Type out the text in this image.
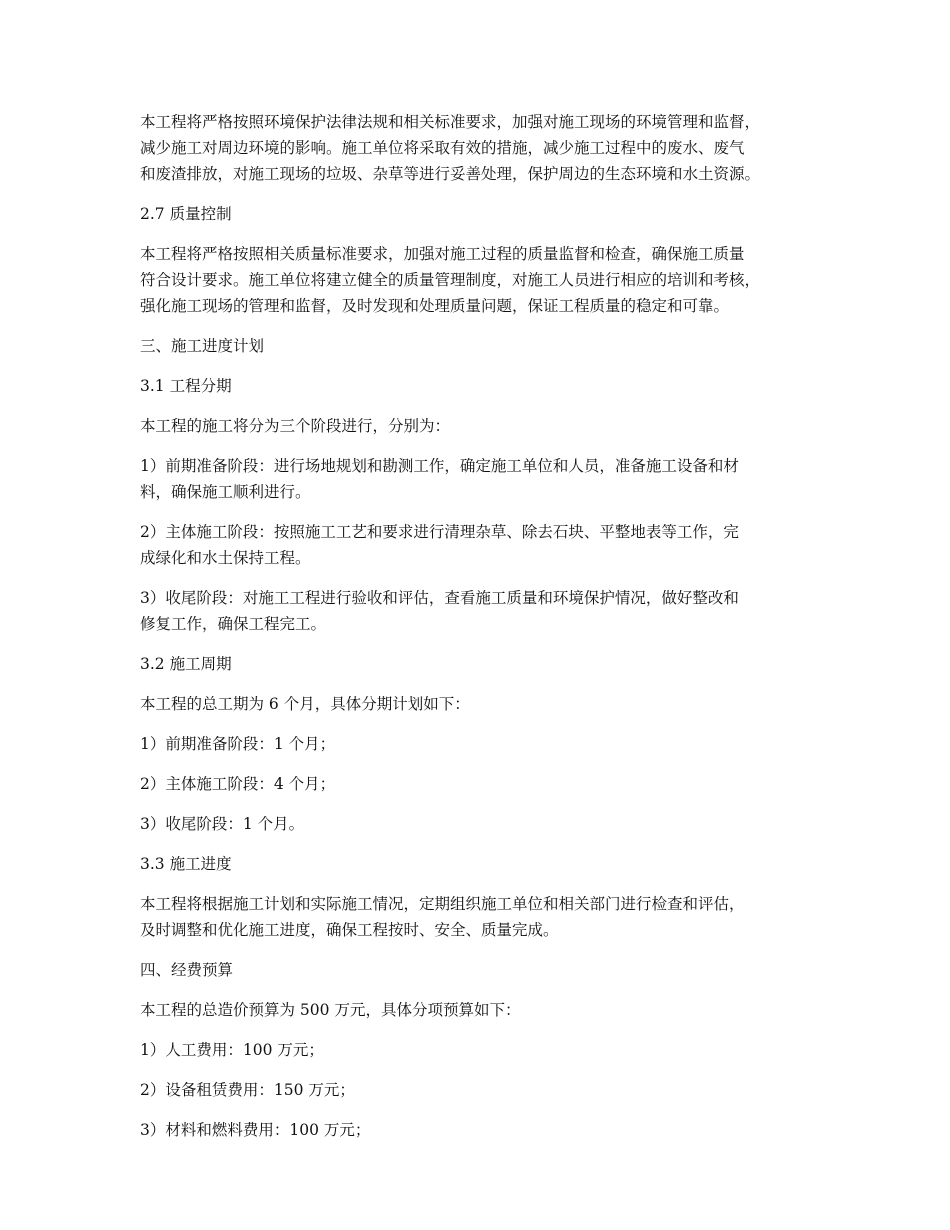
本工程将严格按照环境保护法律法规和相关标准要求，加强对施工现场的环境管理和监督，
减少施工对周边环境的影响。施工单位将采取有效的措施，减少施工过程中的废水、废气
和废渣排放，对施工现场的垃圾、杂草等进行妥善处理，保护周边的生态环境和水土资源。

2.7 质量控制

本工程将严格按照相关质量标准要求，加强对施工过程的质量监督和检查，确保施工质量
符合设计要求。施工单位将建立健全的质量管理制度，对施工人员进行相应的培训和考核，
强化施工现场的管理和监督，及时发现和处理质量问题，保证工程质量的稳定和可靠。

三、施工进度计划

3.1 工程分期

本工程的施工将分为三个阶段进行，分别为：

1）前期准备阶段：进行场地规划和勘测工作，确定施工单位和人员，准备施工设备和材
料，确保施工顺利进行。

2）主体施工阶段：按照施工工艺和要求进行清理杂草、除去石块、平整地表等工作，完
成绿化和水土保持工程。

3）收尾阶段：对施工工程进行验收和评估，查看施工质量和环境保护情况，做好整改和
修复工作，确保工程完工。

3.2 施工周期

本工程的总工期为 6 个月，具体分期计划如下：

1）前期准备阶段：1 个月；

2）主体施工阶段：4 个月；

3）收尾阶段：1 个月。

3.3 施工进度

本工程将根据施工计划和实际施工情况，定期组织施工单位和相关部门进行检查和评估，
及时调整和优化施工进度，确保工程按时、安全、质量完成。

四、经费预算

本工程的总造价预算为 500 万元，具体分项预算如下：

1）人工费用：100 万元；

2）设备租赁费用：150 万元；

3）材料和燃料费用：100 万元；
